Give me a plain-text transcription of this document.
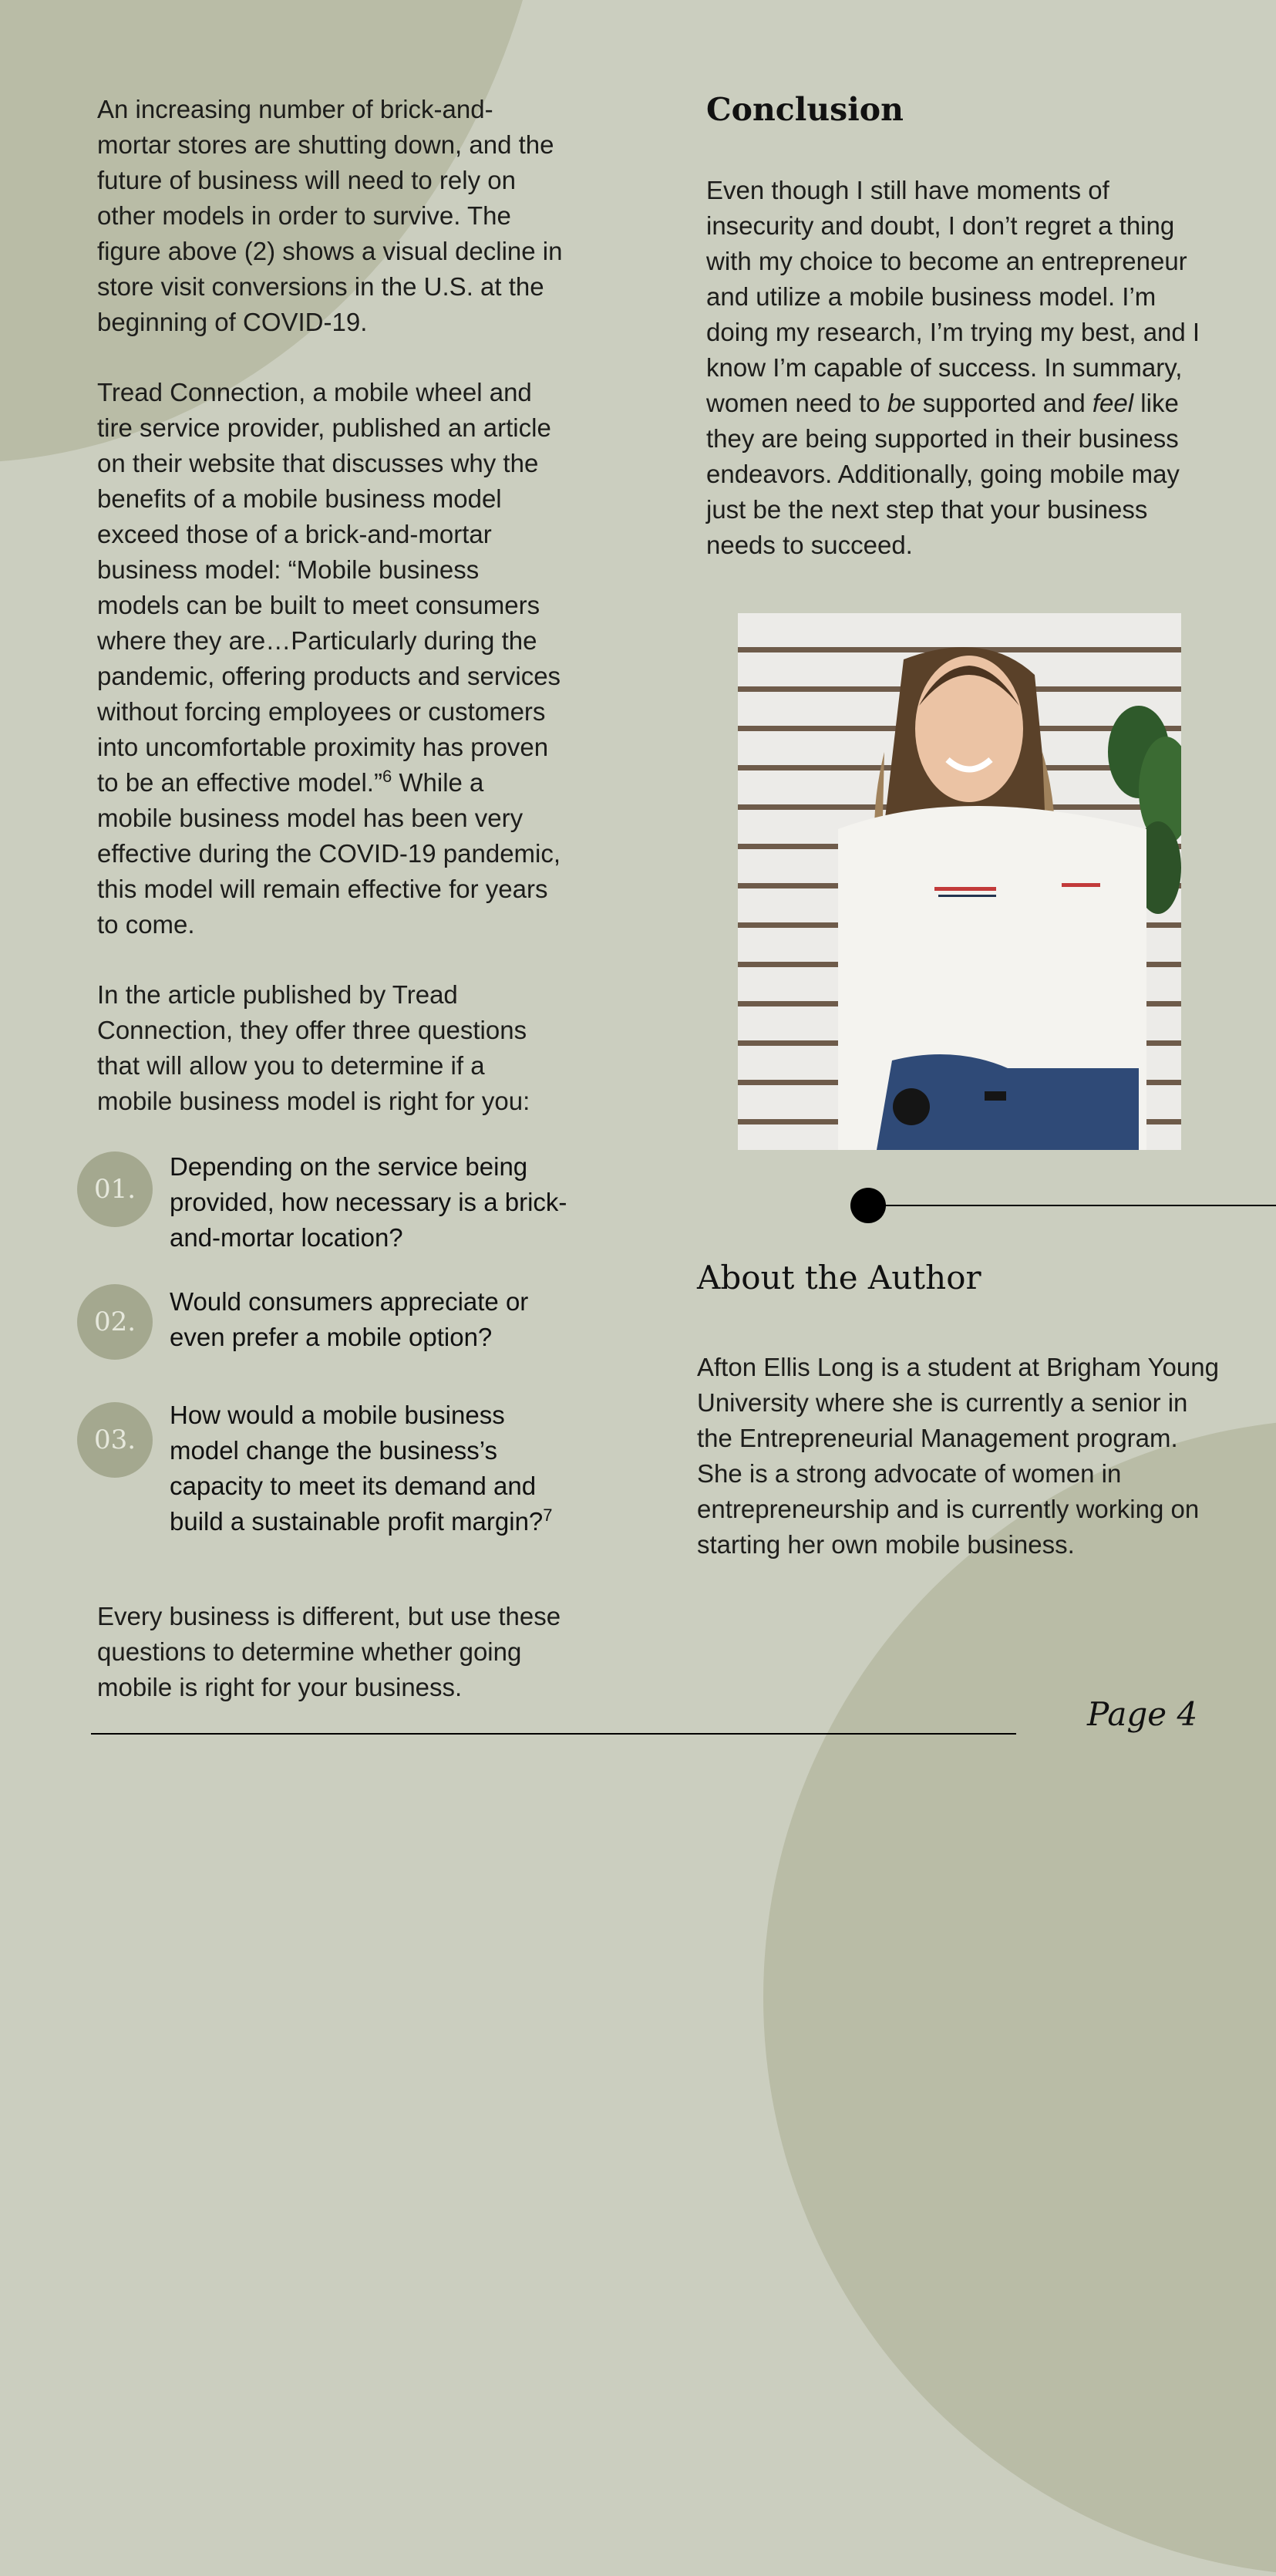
An increasing number of brick-and-mortar stores are shutting down, and the future of business will need to rely on other models in order to survive. The figure above (2) shows a visual decline in store visit conversions in the U.S. at the beginning of COVID-19.

Tread Connection, a mobile wheel and tire service provider, published an article on their website that discusses why the benefits of a mobile business model exceed those of a brick-and-mortar business model: “Mobile business models can be built to meet consumers where they are…Particularly during the pandemic, offering products and services without forcing employees or customers into uncomfortable proximity has proven to be an effective model.”$^6$ While a mobile business model has been very effective during the COVID-19 pandemic, this model will remain effective for years to come.

In the article published by Tread Connection, they offer three questions that will allow you to determine if a mobile business model is right for you:

01.
Depending on the service being provided, how necessary is a brick-and-mortar location?
02.
Would consumers appreciate or even prefer a mobile option?
03.
How would a mobile business model change the business’s capacity to meet its demand and build a sustainable profit margin?$^7$
Every business is different, but use these questions to determine whether going mobile is right for your business.
Conclusion
Even though I still have moments of insecurity and doubt, I don’t regret a thing with my choice to become an entrepreneur and utilize a mobile business model. I’m doing my research, I’m trying my best, and I know I’m capable of success. In summary, women need to be supported and feel like they are being supported in their business endeavors. Additionally, going mobile may just be the next step that your business needs to succeed.
About the Author
Afton Ellis Long is a student at Brigham Young University where she is currently a senior in the Entrepreneurial Management program. She is a strong advocate of women in entrepreneurship and is currently working on starting her own mobile business.
Page 4
